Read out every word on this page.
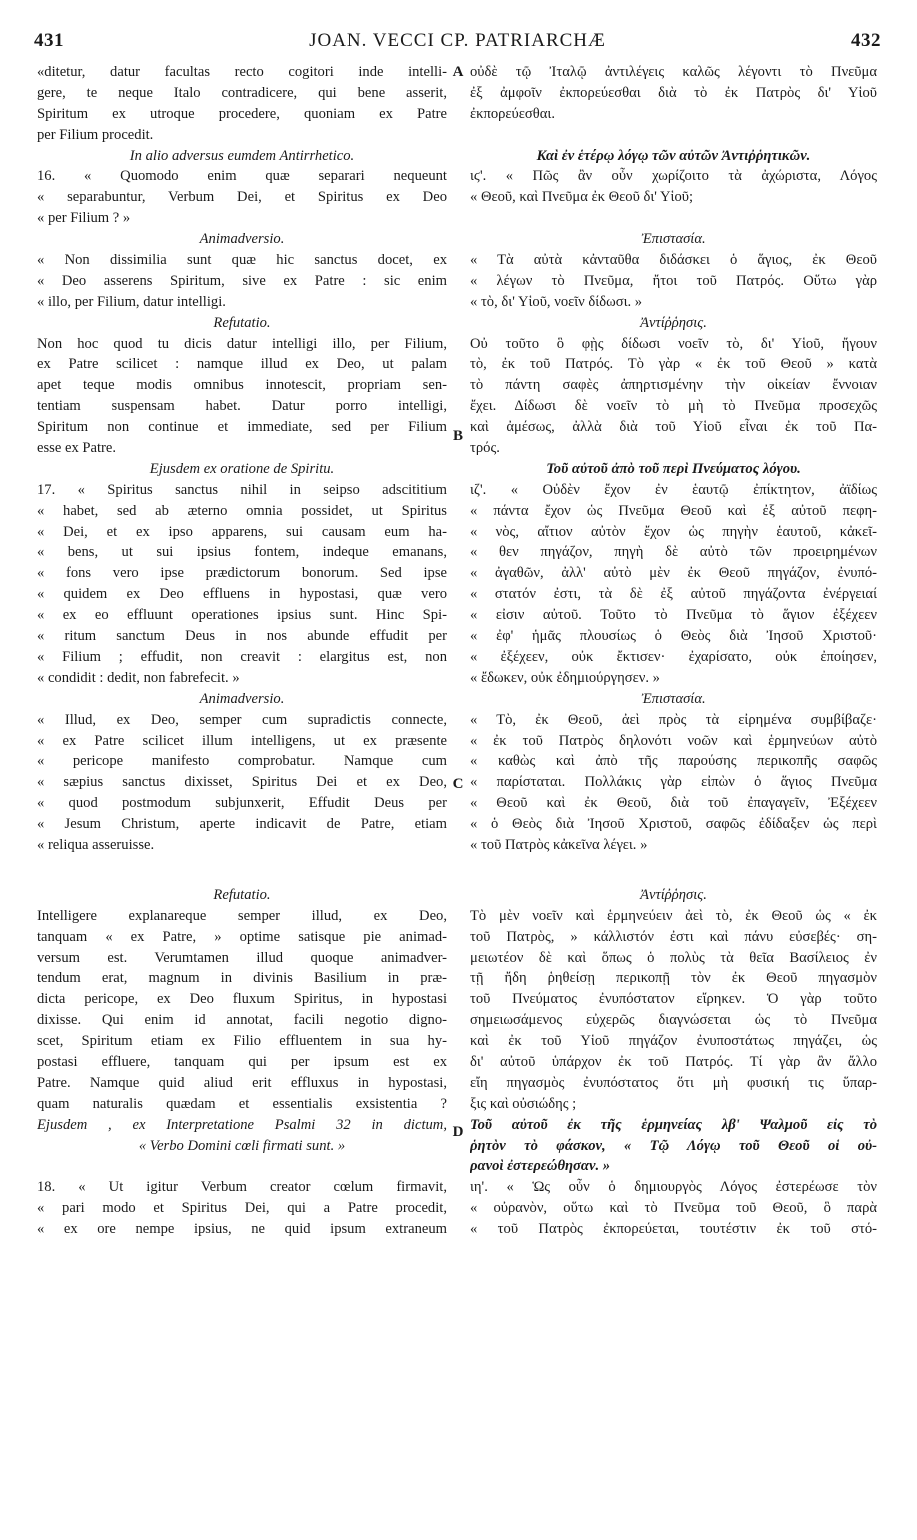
431	JOAN. VECCI CP. PATRIARCHÆ	432
«ditetur, datur facultas recto cogitori inde intelli-
gere, te neque Italo contradicere, qui bene asserit,
Spiritum ex utroque procedere, quoniam ex Patre
per Filium procedit.
In alio adversus eumdem Antirrhetico.
16. « Quomodo enim quæ separari nequeunt
« separabuntur, Verbum Dei, et Spiritus ex Deo
« per Filium ? »
Animadversio.
« Non dissimilia sunt quæ hic sanctus docet, ex
« Deo asserens Spiritum, sive ex Patre : sic enim
« illo, per Filium, datur intelligi.
Refutatio.
Non hoc quod tu dicis datur intelligi illo, per Filium,
ex Patre scilicet : namque illud ex Deo, ut palam
apet teque modis omnibus innotescit, propriam sen-
tentiam suspensam habet. Datur porro intelligi,
Spiritum non continue et immediate, sed per Filium
esse ex Patre.
Ejusdem ex oratione de Spiritu.
17. « Spiritus sanctus nihil in seipso adscititium
« habet, sed ab æterno omnia possidet, ut Spiritus
« Dei, et ex ipso apparens, sui causam eum ha-
« bens, ut sui ipsius fontem, indeque emanans,
« fons vero ipse prædictorum bonorum. Sed ipse
« quidem ex Deo effluens in hypostasi, quæ vero
« ex eo effluunt operationes ipsius sunt. Hinc Spi-
« ritum sanctum Deus in nos abunde effudit per
« Filium ; effudit, non creavit : elargitus est, non
« condidit : dedit, non fabrefecit. »
Animadversio.
« Illud, ex Deo, semper cum supradictis connecte,
« ex Patre scilicet illum intelligens, ut ex præsente
« pericope manifesto comprobatur. Namque cum
« sæpius sanctus dixisset, Spiritus Dei et ex Deo,
« quod postmodum subjunxerit, Effudit Deus per
« Jesum Christum, aperte indicavit de Patre, etiam
« reliqua asseruisse.
Refutatio.
Intelligere explanareque semper illud, ex Deo,
tanquam « ex Patre, » optime satisque pie animad-
versum est. Verumtamen illud quoque animadver-
tendum erat, magnum in divinis Basilium in præ-
dicta pericope, ex Deo fluxum Spiritus, in hypostasi
dixisse. Qui enim id annotat, facili negotio digno-
scet, Spiritum etiam ex Filio effluentem in sua hy-
postasi effluere, tanquam qui per ipsum est ex
Patre. Namque quid aliud erit effluxus in hypostasi,
quam naturalis quædam et essentialis exsistentia ?
Ejusdem , ex Interpretatione Psalmi 32 in dictum,
« Verbo Domini cœli firmati sunt. »
18. « Ut igitur Verbum creator cœlum firmavit,
« pari modo et Spiritus Dei, qui a Patre procedit,
« ex ore nempe ipsius, ne quid ipsum extraneum
οὐδὲ τῷ Ἰταλῷ ἀντιλέγεις καλῶς λέγοντι τὸ Πνεῦμα
ἐξ ἀμφοῖν ἐκπορεύεσθαι διὰ τὸ ἐκ Πατρὸς δι' Υἱοῦ
ἐκπορεύεσθαι.
Καὶ ἐν ἑτέρῳ λόγῳ τῶν αὐτῶν Ἀντιῤῥητικῶν.
ιϛ'. « Πῶς ἂν οὖν χωρίζοιτο τὰ ἀχώριστα, Λόγος
« Θεοῦ, καὶ Πνεῦμα ἐκ Θεοῦ δι' Υἱοῦ;
Ἐπιστασία.
« Τὰ αὐτὰ κἀνταῦθα διδάσκει ὁ ἅγιος, ἐκ Θεοῦ
« λέγων τὸ Πνεῦμα, ἤτοι τοῦ Πατρός. Οὕτω γὰρ
« τὸ, δι' Υἱοῦ, νοεῖν δίδωσι. »
Ἀντίῤῥησις.
Οὐ τοῦτο ὃ φῂς δίδωσι νοεῖν τὸ, δι' Υἱοῦ, ἤγουν
τὸ, ἐκ τοῦ Πατρός. Τὸ γὰρ « ἐκ τοῦ Θεοῦ » κατὰ
τὸ πάντη σαφὲς ἀπηρτισμένην τὴν οἰκείαν ἔννοιαν
ἔχει. Δίδωσι δὲ νοεῖν τὸ μὴ τὸ Πνεῦμα προσεχῶς
καὶ ἀμέσως, ἀλλὰ διὰ τοῦ Υἱοῦ εἶναι ἐκ τοῦ Πα-
τρός.
Τοῦ αὐτοῦ ἀπὸ τοῦ περὶ Πνεύματος λόγου.
ιζ'. « Οὐδὲν ἔχον ἐν ἑαυτῷ ἐπίκτητον, ἀϊδίως
« πάντα ἔχον ὡς Πνεῦμα Θεοῦ καὶ ἐξ αὐτοῦ πεφη-
« νὸς, αἴτιον αὐτὸν ἔχον ὡς πηγὴν ἑαυτοῦ, κἀκεῖ-
« θεν πηγάζον, πηγὴ δὲ αὐτὸ τῶν προειρημένων
« ἀγαθῶν, ἀλλ' αὐτὸ μὲν ἐκ Θεοῦ πηγάζον, ἐνυπό-
« στατόν ἐστι, τὰ δὲ ἐξ αὐτοῦ πηγάζοντα ἐνέργειαί
« εἰσιν αὐτοῦ. Τοῦτο τὸ Πνεῦμα τὸ ἅγιον ἐξέχεεν
« ἐφ' ἡμᾶς πλουσίως ὁ Θεὸς διὰ Ἰησοῦ Χριστοῦ·
« ἐξέχεεν, οὐκ ἔκτισεν· ἐχαρίσατο, οὐκ ἐποίησεν,
« ἔδωκεν, οὐκ ἐδημιούργησεν. »
Ἐπιστασία.
« Τὸ, ἐκ Θεοῦ, ἀεὶ πρὸς τὰ εἰρημένα συμβίβαζε·
« ἐκ τοῦ Πατρὸς δηλονότι νοῶν καὶ ἑρμηνεύων αὐτὸ
« καθὼς καὶ ἀπὸ τῆς παρούσης περικοπῆς σαφῶς
« παρίσταται. Πολλάκις γὰρ εἰπὼν ὁ ἅγιος Πνεῦμα
« Θεοῦ καὶ ἐκ Θεοῦ, διὰ τοῦ ἐπαγαγεῖν, Ἐξέχεεν
« ὁ Θεὸς διὰ Ἰησοῦ Χριστοῦ, σαφῶς ἐδίδαξεν ὡς περὶ
« τοῦ Πατρὸς κἀκεῖνα λέγει. »
Ἀντίῤῥησις.
Τὸ μὲν νοεῖν καὶ ἑρμηνεύειν ἀεὶ τὸ, ἐκ Θεοῦ ὡς « ἐκ
τοῦ Πατρὸς, » κάλλιστόν ἐστι καὶ πάνυ εὐσεβές· ση-
μειωτέον δὲ καὶ ὅπως ὁ πολὺς τὰ θεῖα Βασίλειος ἐν
τῇ ἤδη ῥηθείσῃ περικοπῇ τὸν ἐκ Θεοῦ πηγασμὸν
τοῦ Πνεύματος ἐνυπόστατον εἴρηκεν. Ὁ γὰρ τοῦτο
σημειωσάμενος εὐχερῶς διαγνώσεται ὡς τὸ Πνεῦμα
καὶ ἐκ τοῦ Υἱοῦ πηγάζον ἐνυποστάτως πηγάζει, ὡς
δι' αὐτοῦ ὑπάρχον ἐκ τοῦ Πατρός. Τί γὰρ ἂν ἄλλο
εἴη πηγασμὸς ἐνυπόστατος ὅτι μὴ φυσική τις ὕπαρ-
ξις καὶ οὐσιώδης ;
Τοῦ αὐτοῦ ἐκ τῆς ἑρμηνείας λβ' Ψαλμοῦ εἰς τὸ
ῥητὸν τὸ φάσκον, « Τῷ Λόγῳ τοῦ Θεοῦ οἱ οὐ-
ρανοὶ ἐστερεώθησαν. »
ιη'. « Ὡς οὖν ὁ δημιουργὸς Λόγος ἐστερέωσε τὸν
« οὐρανὸν, οὕτω καὶ τὸ Πνεῦμα τοῦ Θεοῦ, ὃ παρὰ
« τοῦ Πατρὸς ἐκπορεύεται, τουτέστιν ἐκ τοῦ στό-
A
B
C
D
